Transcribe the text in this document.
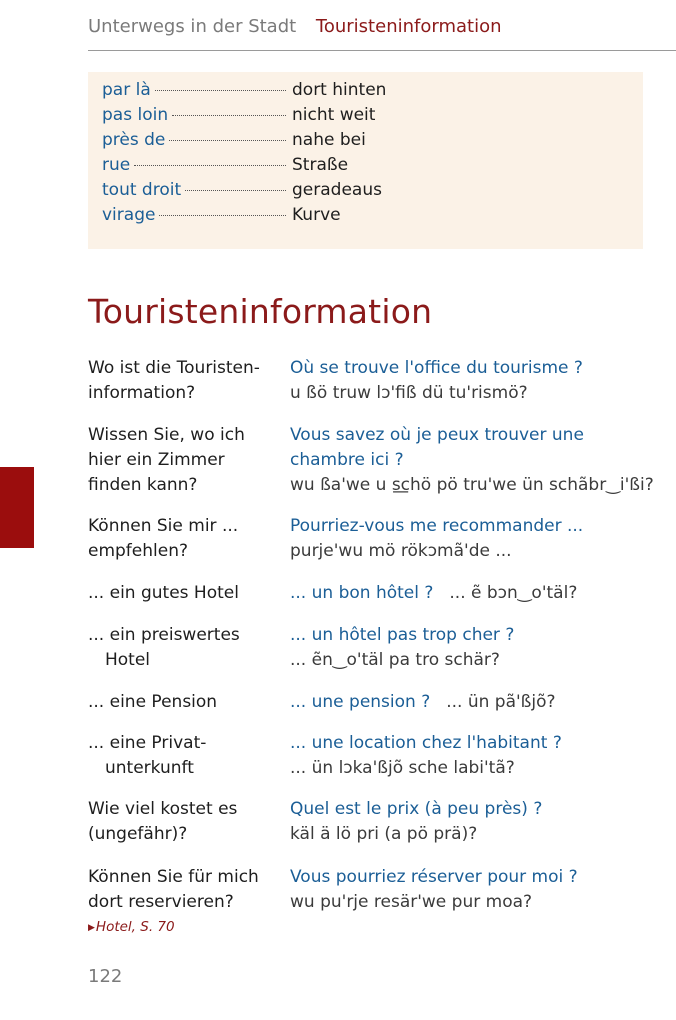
Unterwegs in der Stadt Touristeninformation
par là	dort hinten
pas loin	nicht weit
près de	nahe bei
rue	Straße
tout droit	geradeaus
virage	Kurve
Touristeninformation
Wo ist die Touristen-
information?
Où se trouve l'office du tourisme ?
u ßö truw lɔ'fiß dü tu'rismö?
Wissen Sie, wo ich
hier ein Zimmer
finden kann?
Vous savez où je peux trouver une
chambre ici ?
wu ßa'we u s͟chö pö tru'we ün schãbr‿i'ßi?
Können Sie mir ...
empfehlen?
Pourriez-vous me recommander ...
purje'wu mö rökɔmã'de ...
... ein gutes Hotel	... un bon hôtel ? ... ẽ bɔn‿o'täl?
... ein preiswertes
Hotel
... un hôtel pas trop cher ?
... ẽn‿o'täl pa tro schär?
... eine Pension	... une pension ? ... ün pã'ßjõ?
... eine Privat-
unterkunft
... une location chez l'habitant ?
... ün lɔka'ßjõ sche labi'tã?
Wie viel kostet es
(ungefähr)?
Quel est le prix (à peu près) ?
käl ä lö pri (a pö prä)?
Können Sie für mich
dort reservieren?
Vous pourriez réserver pour moi ?
wu pu'rje resär'we pur moa?
▶Hotel, S. 70
122
